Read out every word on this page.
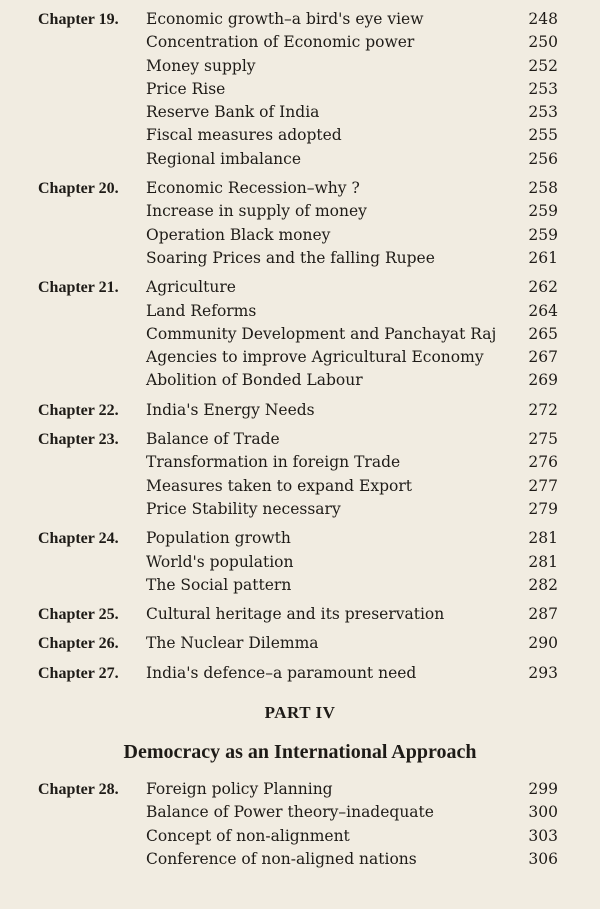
Chapter 19. Economic growth–a bird's eye view	248
Concentration of Economic power	250
Money supply	252
Price Rise	253
Reserve Bank of India	253
Fiscal measures adopted	255
Regional imbalance	256
Chapter 20. Economic Recession–why ?	258
Increase in supply of money	259
Operation Black money	259
Soaring Prices and the falling Rupee	261
Chapter 21. Agriculture	262
Land Reforms	264
Community Development and Panchayat Raj 265
Agencies to improve Agricultural Economy	267
Abolition of Bonded Labour	269
Chapter 22. India's Energy Needs	272
Chapter 23. Balance of Trade	275
Transformation in foreign Trade	276
Measures taken to expand Export	277
Price Stability necessary	279
Chapter 24. Population growth	281
World's population	281
The Social pattern	282
Chapter 25. Cultural heritage and its preservation	287
Chapter 26. The Nuclear Dilemma	290
Chapter 27. India's defence–a paramount need	293
PART IV
Democracy as an International Approach
Chapter 28. Foreign policy Planning	299
Balance of Power theory–inadequate	300
Concept of non-alignment	303
Conference of non-aligned nations	306
